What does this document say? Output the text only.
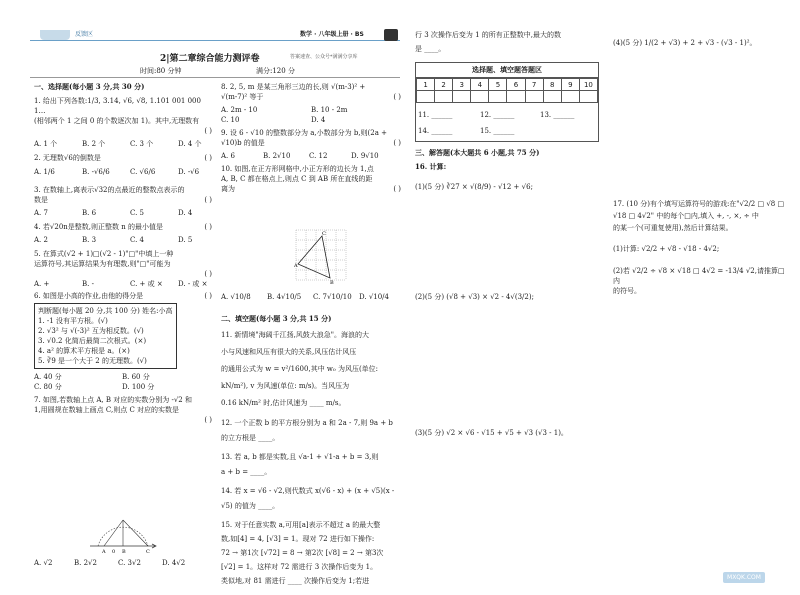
反馈区	数学 · 八年级上册 · BS
2|第二章综合能力测评卷	答案速查、公众号*满满分享库
时间:80 分钟	满分:120 分
一、选择题(每小题 3 分,共 30 分)
1. 给出下列各数:1/3, 3.14, √6, √8, 1.101 001 000 1…
(相邻两个 1 之间 0 的个数逐次加 1)。其中,无理数有
( )
A. 1 个	B. 2 个	C. 3 个	D. 4 个
2. 无理数√6的倒数是	( )
A. 1/6	B. -√6/6	C. √6/6	D. -√6
3. 在数轴上,离表示√32的点最近的整数点表示的
数是	( )
A. 7	B. 6	C. 5	D. 4
4. 若√20n是整数,则正整数 n 的最小值是	( )
A. 2	B. 3	C. 4	D. 5
5. 在算式(√2 + 1)□(√2 - 1)"□"中填上一种
运算符号,其运算结果为有理数,则"□"可能为
( )
A. +	B. -	C. + 或 × D. - 或 ×
6. 如图是小高的作业,由他的得分是	( )
判断题(每小题 20 分,共 100 分) 姓名:小高
1. -1 没有平方根。(√)
2. √3² 与 √(-3)² 互为相反数。(√)
3. √0.2 化简后最简二次根式。(×)
4. a² 的算术平方根是 a。(×)
5. ∛9 是一个大于 2 的无理数。(√)
A. 40 分	B. 60 分
C. 80 分	D. 100 分
7. 如图,若数轴上点 A, B 对应的实数分别为 -√2 和
1,用圆规在数轴上画点 C,则点 C 对应的实数是
( )
A 0 B	C
A. √2	B. 2√2	C. 3√2	D. 4√2
8. 2, 5, m 是某三角形三边的长,则 √(m-3)² +
√(m-7)² 等于	( )
A. 2m - 10	B. 10 - 2m
C. 10	D. 4
9. 设 6 - √10 的整数部分为 a,小数部分为 b,则(2a +
√10)b 的值是	( )
A. 6	B. 2√10	C. 12	D. 9√10
10. 如图,在正方形网格中,小正方形的边长为 1,点
A, B, C 都在格点上,则点 C 到 AB 所在直线的距
离为	( )
A
C
B
A. √10/8 B. 4√10/5 C. 7√10/10 D. √10/4
二、填空题(每小题 3 分,共 15 分)
11. 新情境"海阔千江扬,风鼓大浪急"。海浪的大
小与风速和风压有很大的关系,风压估计风压
的通用公式为 w = v²/1600,其中 w₀ 为风压(单位:
kN/m²), v 为风速(单位: m/s)。当风压为
0.16 kN/m² 时,估计风速为 ____ m/s。
12. 一个正数 b 的平方根分别为 a 和 2a - 7,则 9a + b
的立方根是 ____。
13. 若 a, b 都是实数,且 √a-1 + √1-a + b = 3,则
a + b = ____。
14. 若 x = √6 - √2,则代数式 x(√6 - x) + (x + √5)(x -
√5) 的值为 ____。
15. 对于任意实数 a,可用[a]表示不超过 a 的最大整
数,如[4] = 4, [√3] = 1。现对 72 进行如下操作:
72 → 第1次 [√72] = 8 → 第2次 [√8] = 2 → 第3次
[√2] = 1。这样对 72 需进行 3 次操作后变为 1。
类似地,对 81 需进行 ____ 次操作后变为 1;若进
行 3 次操作后变为 1 的所有正整数中,最大的数
是 ____。
选择题、填空题答题区
1	2	3	4	5	6	7	8	9	10

11. ______	12. ______	13. ______
14. ______	15. ______
三、解答题(本大题共 6 小题,共 75 分)
16. 计算:
(1)(5 分) ∛27 × √(8/9) - √12 + √6;
(2)(5 分) (√8 + √3) × √2 - 4√(3/2);
(3)(5 分) √2 × √6 - √15 + √5 + √3 (√3 - 1)。
(4)(5 分) 1/(2 + √3) + 2 + √3 - (√3 - 1)²。
17. (10 分)有个填写运算符号的游戏:在"√2/2 □ √8 □
√18 □ 4√2" 中的每个□内,填入 +, -, ×, ÷ 中
的某一个(可重复使用),然后计算结果。
(1)计算: √2/2 + √8 - √18 - 4√2;
(2)若 √2/2 ÷ √8 × √18 □ 4√2 = -13/4 √2,请推算□内
的符号。
MXQK.COM
